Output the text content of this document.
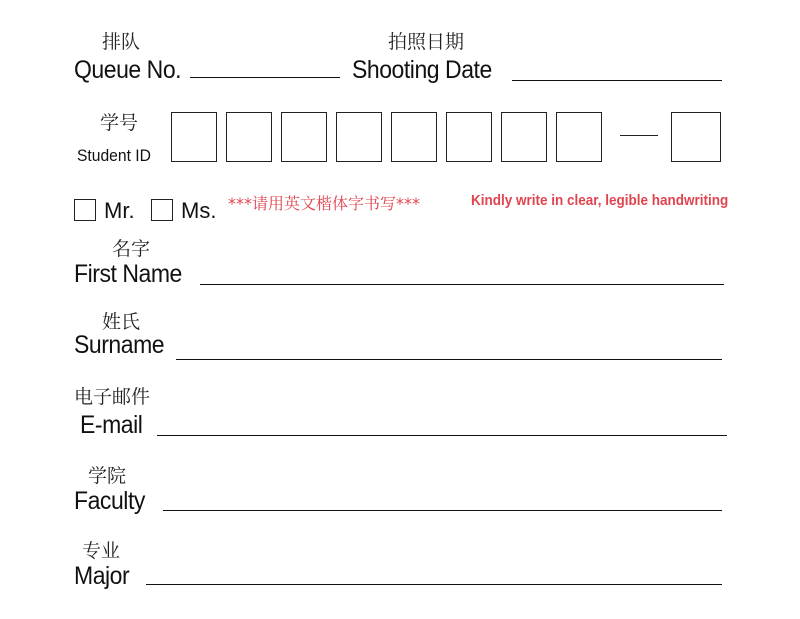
排队
Queue No.
拍照日期
Shooting Date
学号
Student ID
Mr. Ms. ***请用英文楷体字书写***	Kindly write in clear, legible handwriting
名字
First Name
姓氏
Surname
电子邮件
E-mail
学院
Faculty
专业
Major
